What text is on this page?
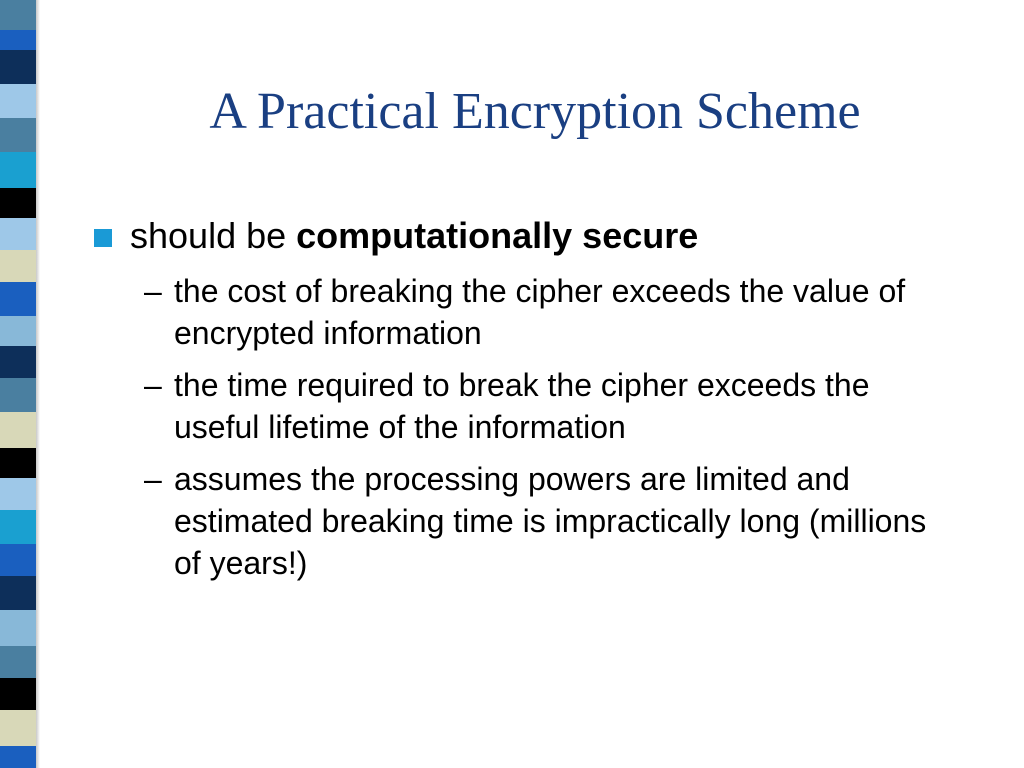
A Practical Encryption Scheme
should be computationally secure
– the cost of breaking the cipher exceeds the value of encrypted information
– the time required to break the cipher exceeds the useful lifetime of the information
– assumes the processing powers are limited and estimated breaking time is impractically long (millions of years!)
